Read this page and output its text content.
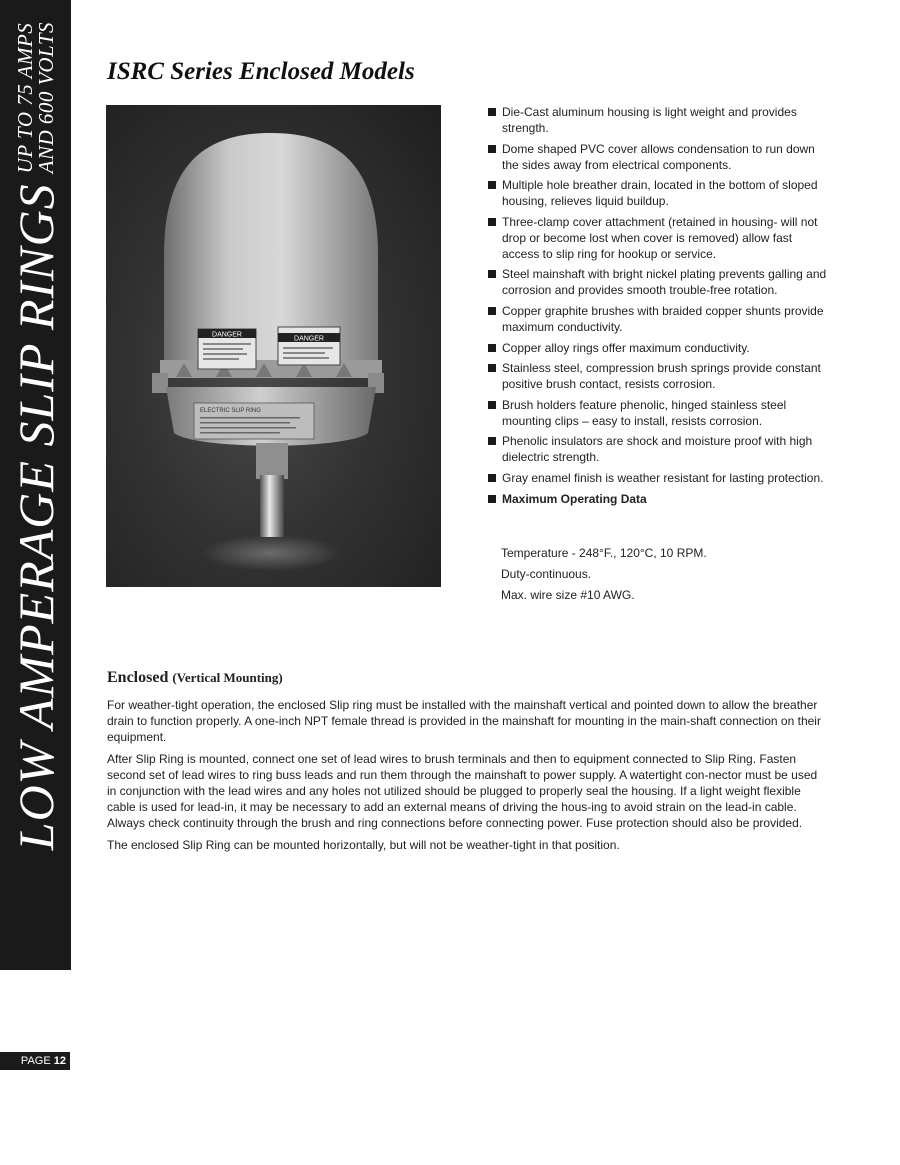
LOW AMPERAGE SLIP RINGS
UP TO 75 AMPS
AND 600 VOLTS
PAGE 12
ISRC Series Enclosed Models
DANGER
DANGER
ELECTRIC SLIP RING
Die-Cast aluminum housing is light weight and provides strength.
Dome shaped PVC cover allows condensation to run down the sides away from electrical components.
Multiple hole breather drain, located in the bottom of sloped housing, relieves liquid buildup.
Three-clamp cover attachment (retained in housing- will not drop or become lost when cover is removed) allow fast access to slip ring for hookup or service.
Steel mainshaft with bright nickel plating prevents galling and corrosion and provides smooth trouble-free rotation.
Copper graphite brushes with braided copper shunts provide maximum conductivity.
Copper alloy rings offer maximum conductivity.
Stainless steel, compression brush springs provide constant positive brush contact, resists corrosion.
Brush holders feature phenolic, hinged stainless steel mounting clips – easy to install, resists corrosion.
Phenolic insulators are shock and moisture proof with high dielectric strength.
Gray enamel finish is weather resistant for lasting protection.
Maximum Operating Data
Temperature - 248°F., 120°C, 10 RPM.
Duty-continuous.
Max. wire size #10 AWG.
Enclosed (Vertical Mounting)

For weather-tight operation, the enclosed Slip ring must be installed with the mainshaft vertical and pointed down to allow the breather drain to function properly. A one-inch NPT female thread is provided in the mainshaft for mounting in the main-shaft connection on their equipment.

After Slip Ring is mounted, connect one set of lead wires to brush terminals and then to equipment connected to Slip Ring. Fasten second set of lead wires to ring buss leads and run them through the mainshaft to power supply. A watertight con-nector must be used in conjunction with the lead wires and any holes not utilized should be plugged to properly seal the housing. If a light weight flexible cable is used for lead-in, it may be necessary to add an external means of driving the hous-ing to avoid strain on the lead-in cable. Always check continuity through the brush and ring connections before connecting power. Fuse protection should also be provided.

The enclosed Slip Ring can be mounted horizontally, but will not be weather-tight in that position.
